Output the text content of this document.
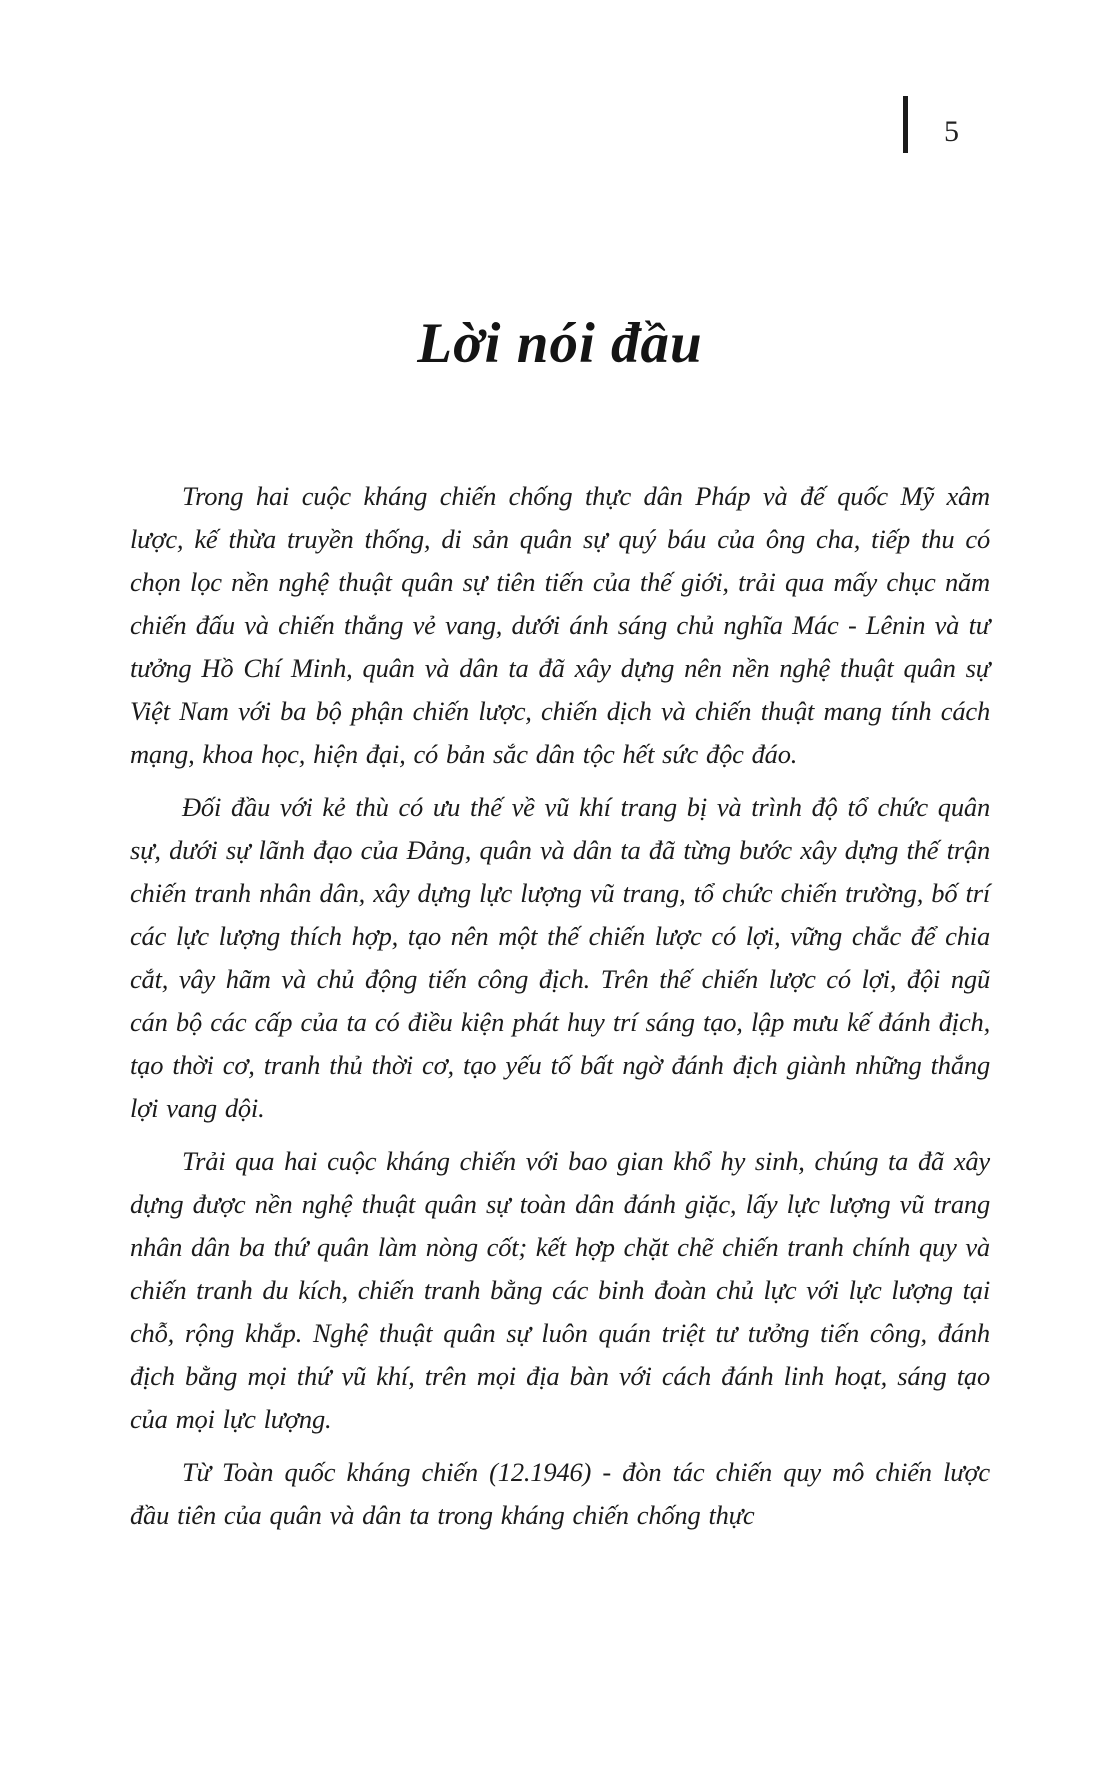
5
Lời nói đầu

Trong hai cuộc kháng chiến chống thực dân Pháp và đế quốc Mỹ xâm lược, kế thừa truyền thống, di sản quân sự quý báu của ông cha, tiếp thu có chọn lọc nền nghệ thuật quân sự tiên tiến của thế giới, trải qua mấy chục năm chiến đấu và chiến thắng vẻ vang, dưới ánh sáng chủ nghĩa Mác - Lênin và tư tưởng Hồ Chí Minh, quân và dân ta đã xây dựng nên nền nghệ thuật quân sự Việt Nam với ba bộ phận chiến lược, chiến dịch và chiến thuật mang tính cách mạng, khoa học, hiện đại, có bản sắc dân tộc hết sức độc đáo.

Đối đầu với kẻ thù có ưu thế về vũ khí trang bị và trình độ tổ chức quân sự, dưới sự lãnh đạo của Đảng, quân và dân ta đã từng bước xây dựng thế trận chiến tranh nhân dân, xây dựng lực lượng vũ trang, tổ chức chiến trường, bố trí các lực lượng thích hợp, tạo nên một thế chiến lược có lợi, vững chắc để chia cắt, vây hãm và chủ động tiến công địch. Trên thế chiến lược có lợi, đội ngũ cán bộ các cấp của ta có điều kiện phát huy trí sáng tạo, lập mưu kế đánh địch, tạo thời cơ, tranh thủ thời cơ, tạo yếu tố bất ngờ đánh địch giành những thắng lợi vang dội.

Trải qua hai cuộc kháng chiến với bao gian khổ hy sinh, chúng ta đã xây dựng được nền nghệ thuật quân sự toàn dân đánh giặc, lấy lực lượng vũ trang nhân dân ba thứ quân làm nòng cốt; kết hợp chặt chẽ chiến tranh chính quy và chiến tranh du kích, chiến tranh bằng các binh đoàn chủ lực với lực lượng tại chỗ, rộng khắp. Nghệ thuật quân sự luôn quán triệt tư tưởng tiến công, đánh địch bằng mọi thứ vũ khí, trên mọi địa bàn với cách đánh linh hoạt, sáng tạo của mọi lực lượng.

Từ Toàn quốc kháng chiến (12.1946) - đòn tác chiến quy mô chiến lược đầu tiên của quân và dân ta trong kháng chiến chống thực
